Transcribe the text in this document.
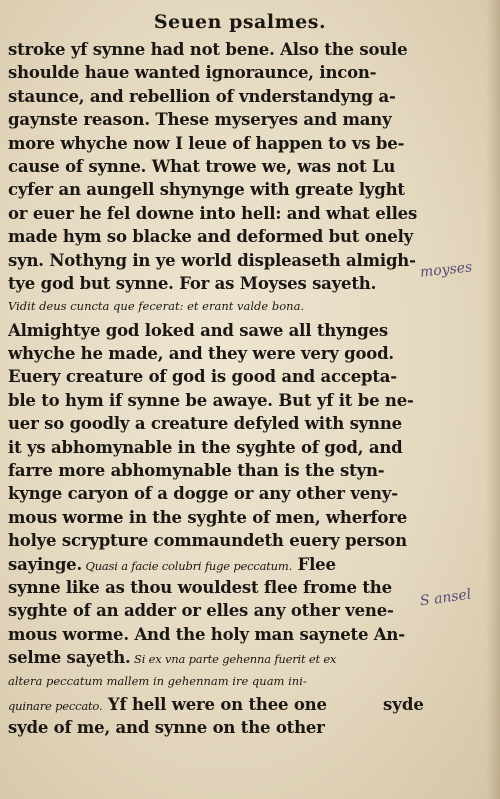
Seuen psalmes.
stroke yf synne had not bene. Also the soule
shoulde haue wanted ignoraunce, incon-
staunce, and rebellion of vnderstandyng a-
gaynste reason. These myseryes and many
more whyche now I leue of happen to vs be-
cause of synne. What trowe we, was not Lu
cyfer an aungell shynynge with greate lyght
or euer he fel downe into hell: and what elles
made hym so blacke and deformed but onely
syn. Nothyng in ye world displeaseth almigh-
tye god but synne. For as Moyses sayeth.
Vidit deus cuncta que fecerat: et erant valde bona.
Almightye god loked and sawe all thynges
whyche he made, and they were very good.
Euery creature of god is good and accepta-
ble to hym if synne be awaye. But yf it be ne-
uer so goodly a creature defyled with synne
it ys abhomynable in the syghte of god, and
farre more abhomynable than is the styn-
kynge caryon of a dogge or any other veny-
mous worme in the syghte of men, wherfore
holye scrypture commaundeth euery person
sayinge. Quasi a facie colubri fuge peccatum. Flee
synne like as thou wouldest flee frome the
syghte of an adder or elles any other vene-
mous worme. And the holy man saynete An-
selme sayeth. Si ex vna parte gehenna fuerit et ex
altera peccatum mallem in gehennam ire quam ini-
quinare peccato. Yf hell were on thee one
syde of me, and synne on the other
syde
moyses
S ansel
